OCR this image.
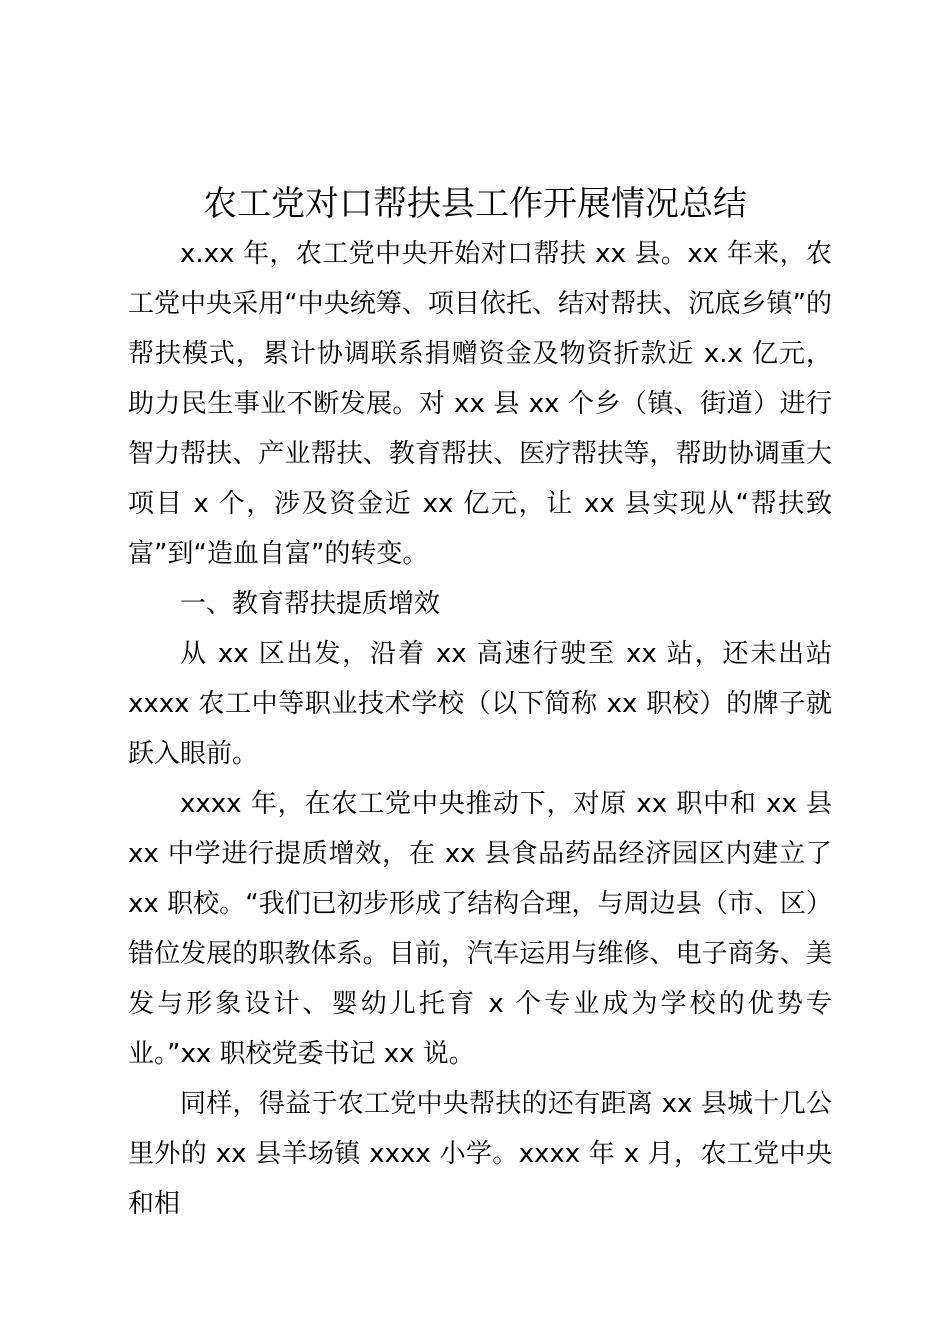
农工党对口帮扶县工作开展情况总结

x.xx 年，农工党中央开始对口帮扶 xx 县。xx 年来，农工党中央采用“中央统筹、项目依托、结对帮扶、沉底乡镇”的帮扶模式，累计协调联系捐赠资金及物资折款近 x.x 亿元，助力民生事业不断发展。对 xx 县 xx 个乡（镇、街道）进行智力帮扶、产业帮扶、教育帮扶、医疗帮扶等，帮助协调重大项目 x 个，涉及资金近 xx 亿元，让 xx 县实现从“帮扶致富”到“造血自富”的转变。

一、教育帮扶提质增效

从 xx 区出发，沿着 xx 高速行驶至 xx 站，还未出站 xxxx 农工中等职业技术学校（以下简称 xx 职校）的牌子就跃入眼前。

xxxx 年，在农工党中央推动下，对原 xx 职中和 xx 县 xx 中学进行提质增效，在 xx 县食品药品经济园区内建立了 xx 职校。“我们已初步形成了结构合理，与周边县（市、区）错位发展的职教体系。目前，汽车运用与维修、电子商务、美发与形象设计、婴幼儿托育 x 个专业成为学校的优势专业。”xx 职校党委书记 xx 说。

同样，得益于农工党中央帮扶的还有距离 xx 县城十几公里外的 xx 县羊场镇 xxxx 小学。xxxx 年 x 月，农工党中央和相
